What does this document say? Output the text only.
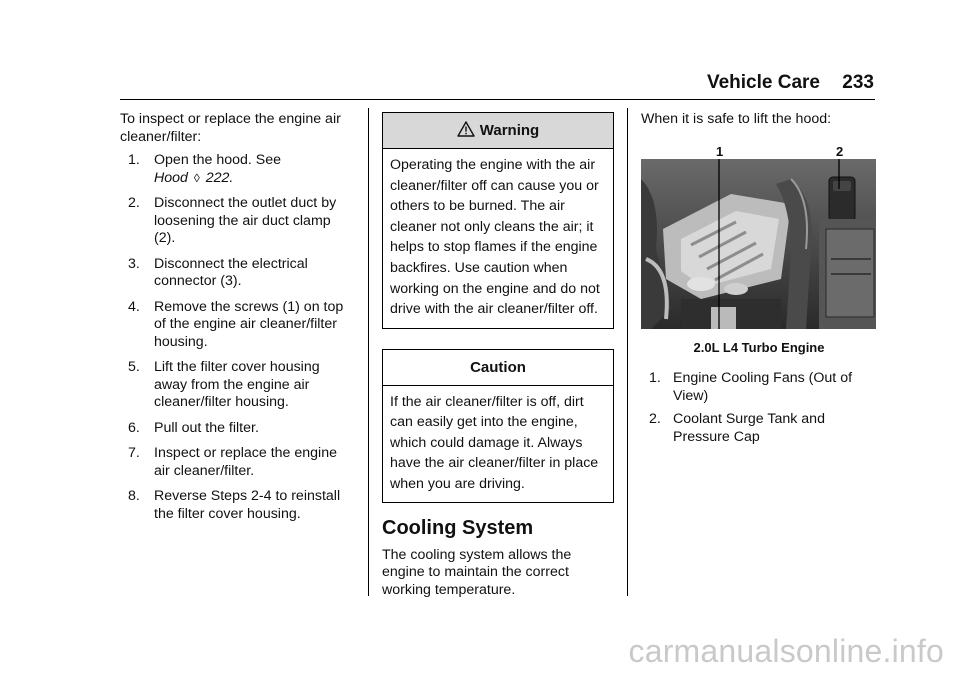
Vehicle Care 233

To inspect or replace the engine air cleaner/filter:

1. Open the hood. See
Hood ◊ 222.
2. Disconnect the outlet duct by loosening the air duct clamp (2).
3. Disconnect the electrical connector (3).
4. Remove the screws (1) on top of the engine air cleaner/filter housing.
5. Lift the filter cover housing away from the engine air cleaner/filter housing.
6. Pull out the filter.
7. Inspect or replace the engine air cleaner/filter.
8. Reverse Steps 2-4 to reinstall the filter cover housing.
Warning

Operating the engine with the air cleaner/filter off can cause you or others to be burned. The air cleaner not only cleans the air; it helps to stop flames if the engine backfires. Use caution when working on the engine and do not drive with the air cleaner/filter off.

Caution

If the air cleaner/filter is off, dirt can easily get into the engine, which could damage it. Always have the air cleaner/filter in place when you are driving.

Cooling System

The cooling system allows the engine to maintain the correct working temperature.

When it is safe to lift the hood:

1	2

2.0L L4 Turbo Engine

1. Engine Cooling Fans (Out of View)
2. Coolant Surge Tank and Pressure Cap
carmanualsonline.info
